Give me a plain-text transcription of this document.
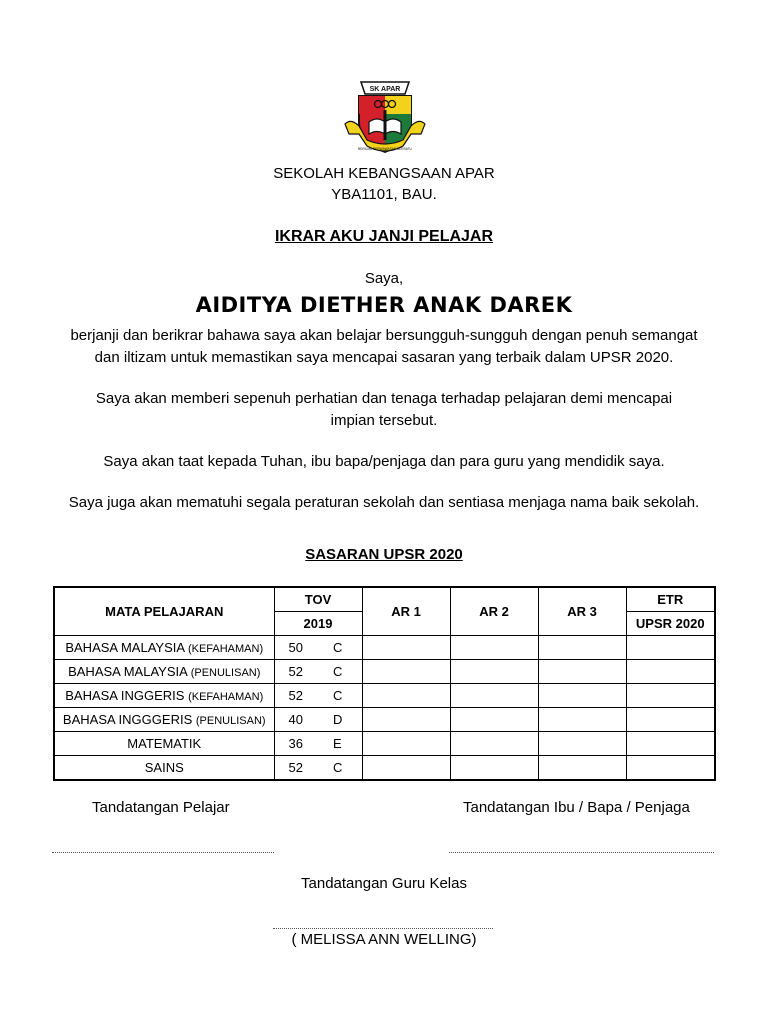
SK APAR
BERILMU BERWAWASAN BERSATU
SEKOLAH KEBANGSAAN APAR
YBA1101, BAU.
IKRAR AKU JANJI PELAJAR
Saya,
AIDITYA DIETHER ANAK DAREK
berjanji dan berikrar bahawa saya akan belajar bersungguh-sungguh dengan penuh semangat
dan iltizam untuk memastikan saya mencapai sasaran yang terbaik dalam UPSR 2020.
Saya akan memberi sepenuh perhatian dan tenaga terhadap pelajaran demi mencapai
impian tersebut.
Saya akan taat kepada Tuhan, ibu bapa/penjaga dan para guru yang mendidik saya.
Saya juga akan mematuhi segala peraturan sekolah dan sentiasa menjaga nama baik sekolah.
SASARAN UPSR 2020
MATA PELAJARAN	TOV	AR 1	AR 2	AR 3	ETR
	2019				UPSR 2020
BAHASA MALAYSIA (KEFAHAMAN)	50 C				
BAHASA MALAYSIA (PENULISAN)	52 C				
BAHASA INGGERIS (KEFAHAMAN)	52 C				
BAHASA INGGGERIS (PENULISAN)	40 D				
MATEMATIK	36 E				
SAINS	52 C				
Tandatangan Pelajar	Tandatangan Ibu / Bapa / Penjaga
Tandatangan Guru Kelas
( MELISSA ANN WELLING)
